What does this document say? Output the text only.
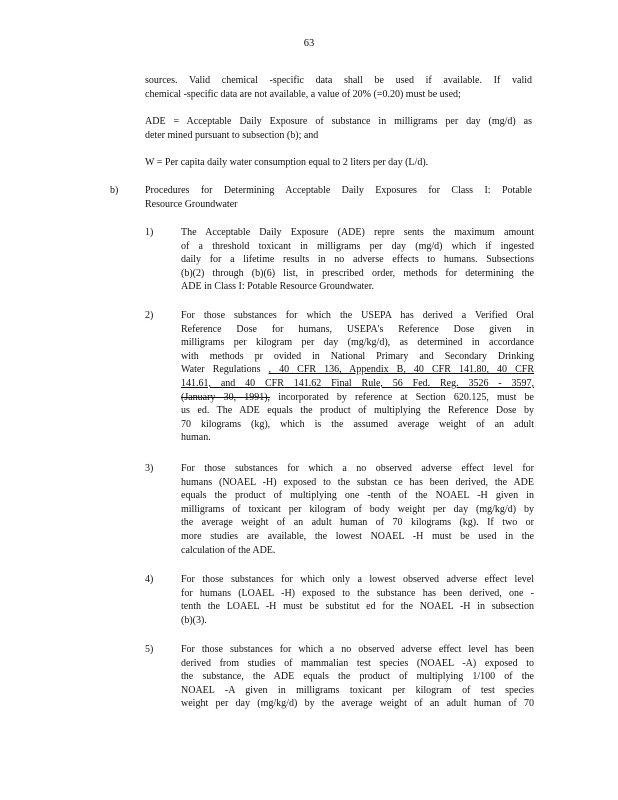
63
sources. Valid chemical -specific data shall be used if available. If valid
chemical -specific data are not available, a value of 20% (=0.20) must be used;
ADE = Acceptable Daily Exposure of substance in milligrams per day (mg/d) as
deter mined pursuant to subsection (b); and
W = Per capita daily water consumption equal to 2 liters per day (L/d).
b)	Procedures for Determining Acceptable Daily Exposures for Class I: Potable
Resource Groundwater
1)	The Acceptable Daily Exposure (ADE) repre sents the maximum amount
of a threshold toxicant in milligrams per day (mg/d) which if ingested
daily for a lifetime results in no adverse effects to humans. Subsections
(b)(2) through (b)(6) list, in prescribed order, methods for determining the
ADE in Class I: Potable Resource Groundwater.
2)	For those substances for which the USEPA has derived a Verified Oral
Reference Dose for humans, USEPA's Reference Dose given in
milligrams per kilogram per day (mg/kg/d), as determined in accordance
with methods pr ovided in National Primary and Secondary Drinking
Water Regulations , 40 CFR 136, Appendix B, 40 CFR 141.80, 40 CFR
141.61, and 40 CFR 141.62 Final Rule, 56 Fed. Reg. 3526 - 3597,
(January 30, 1991), incorporated by reference at Section 620.125, must be
us ed. The ADE equals the product of multiplying the Reference Dose by
70 kilograms (kg), which is the assumed average weight of an adult
human.
3)	For those substances for which a no observed adverse effect level for
humans (NOAEL -H) exposed to the substan ce has been derived, the ADE
equals the product of multiplying one -tenth of the NOAEL -H given in
milligrams of toxicant per kilogram of body weight per day (mg/kg/d) by
the average weight of an adult human of 70 kilograms (kg). If two or
more studies are available, the lowest NOAEL -H must be used in the
calculation of the ADE.
4)	For those substances for which only a lowest observed adverse effect level
for humans (LOAEL -H) exposed to the substance has been derived, one -
tenth the LOAEL -H must be substitut ed for the NOAEL -H in subsection
(b)(3).
5)	For those substances for which a no observed adverse effect level has been
derived from studies of mammalian test species (NOAEL -A) exposed to
the substance, the ADE equals the product of multiplying 1/100 of the
NOAEL -A given in milligrams toxicant per kilogram of test species
weight per day (mg/kg/d) by the average weight of an adult human of 70
